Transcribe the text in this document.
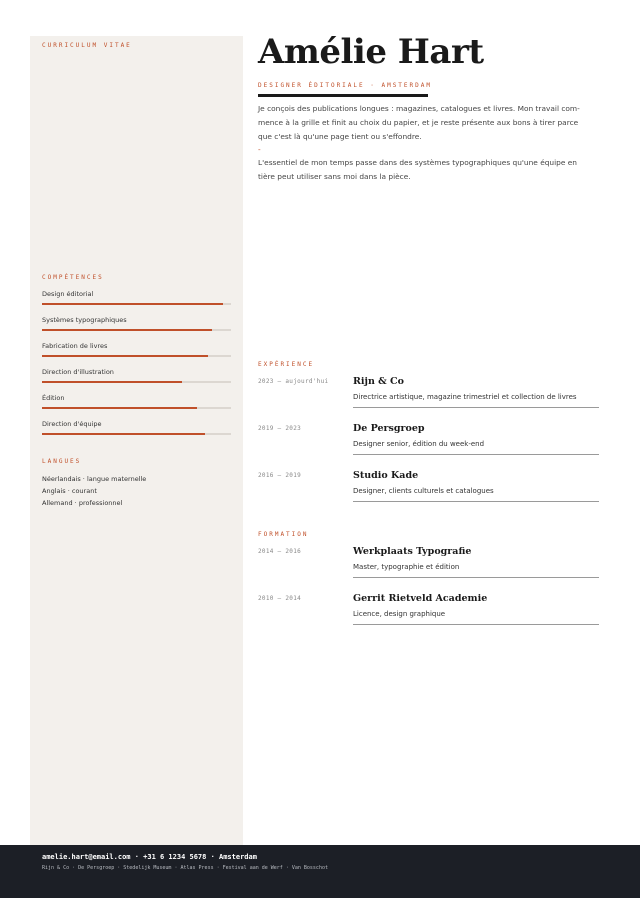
CURRICULUM VITAE
COMPÉTENCES
Design éditorial
Systèmes typographiques
Fabrication de livres
Direction d'illustration
Édition
Direction d'équipe
LANGUES
Néerlandais · langue maternelle
Anglais · courant
Allemand · professionnel
Amélie Hart
DESIGNER ÉDITORIALE · AMSTERDAM

Je conçois des publications longues : magazines, catalogues et livres. Mon travail com-mence à la grille et finit au choix du papier, et je reste présente aux bons à tirer parce que c'est là qu'une page tient ou s'effondre.

-

L'essentiel de mon temps passe dans des systèmes typographiques qu'une équipe en tière peut utiliser sans moi dans la pièce.

EXPÉRIENCE
2023 — aujourd'hui	Rijn & Co
Directrice artistique, magazine trimestriel et collection de livres
2019 — 2023	De Persgroep
Designer senior, édition du week-end
2016 — 2019	Studio Kade
Designer, clients culturels et catalogues
FORMATION
2014 — 2016	Werkplaats Typografie
Master, typographie et édition
2010 — 2014	Gerrit Rietveld Academie
Licence, design graphique
amelie.hart@email.com · +31 6 1234 5678 · Amsterdam
Rijn & Co · De Persgroep · Stedelijk Museum · Atlas Press · Festival aan de Werf · Van Bosschot
